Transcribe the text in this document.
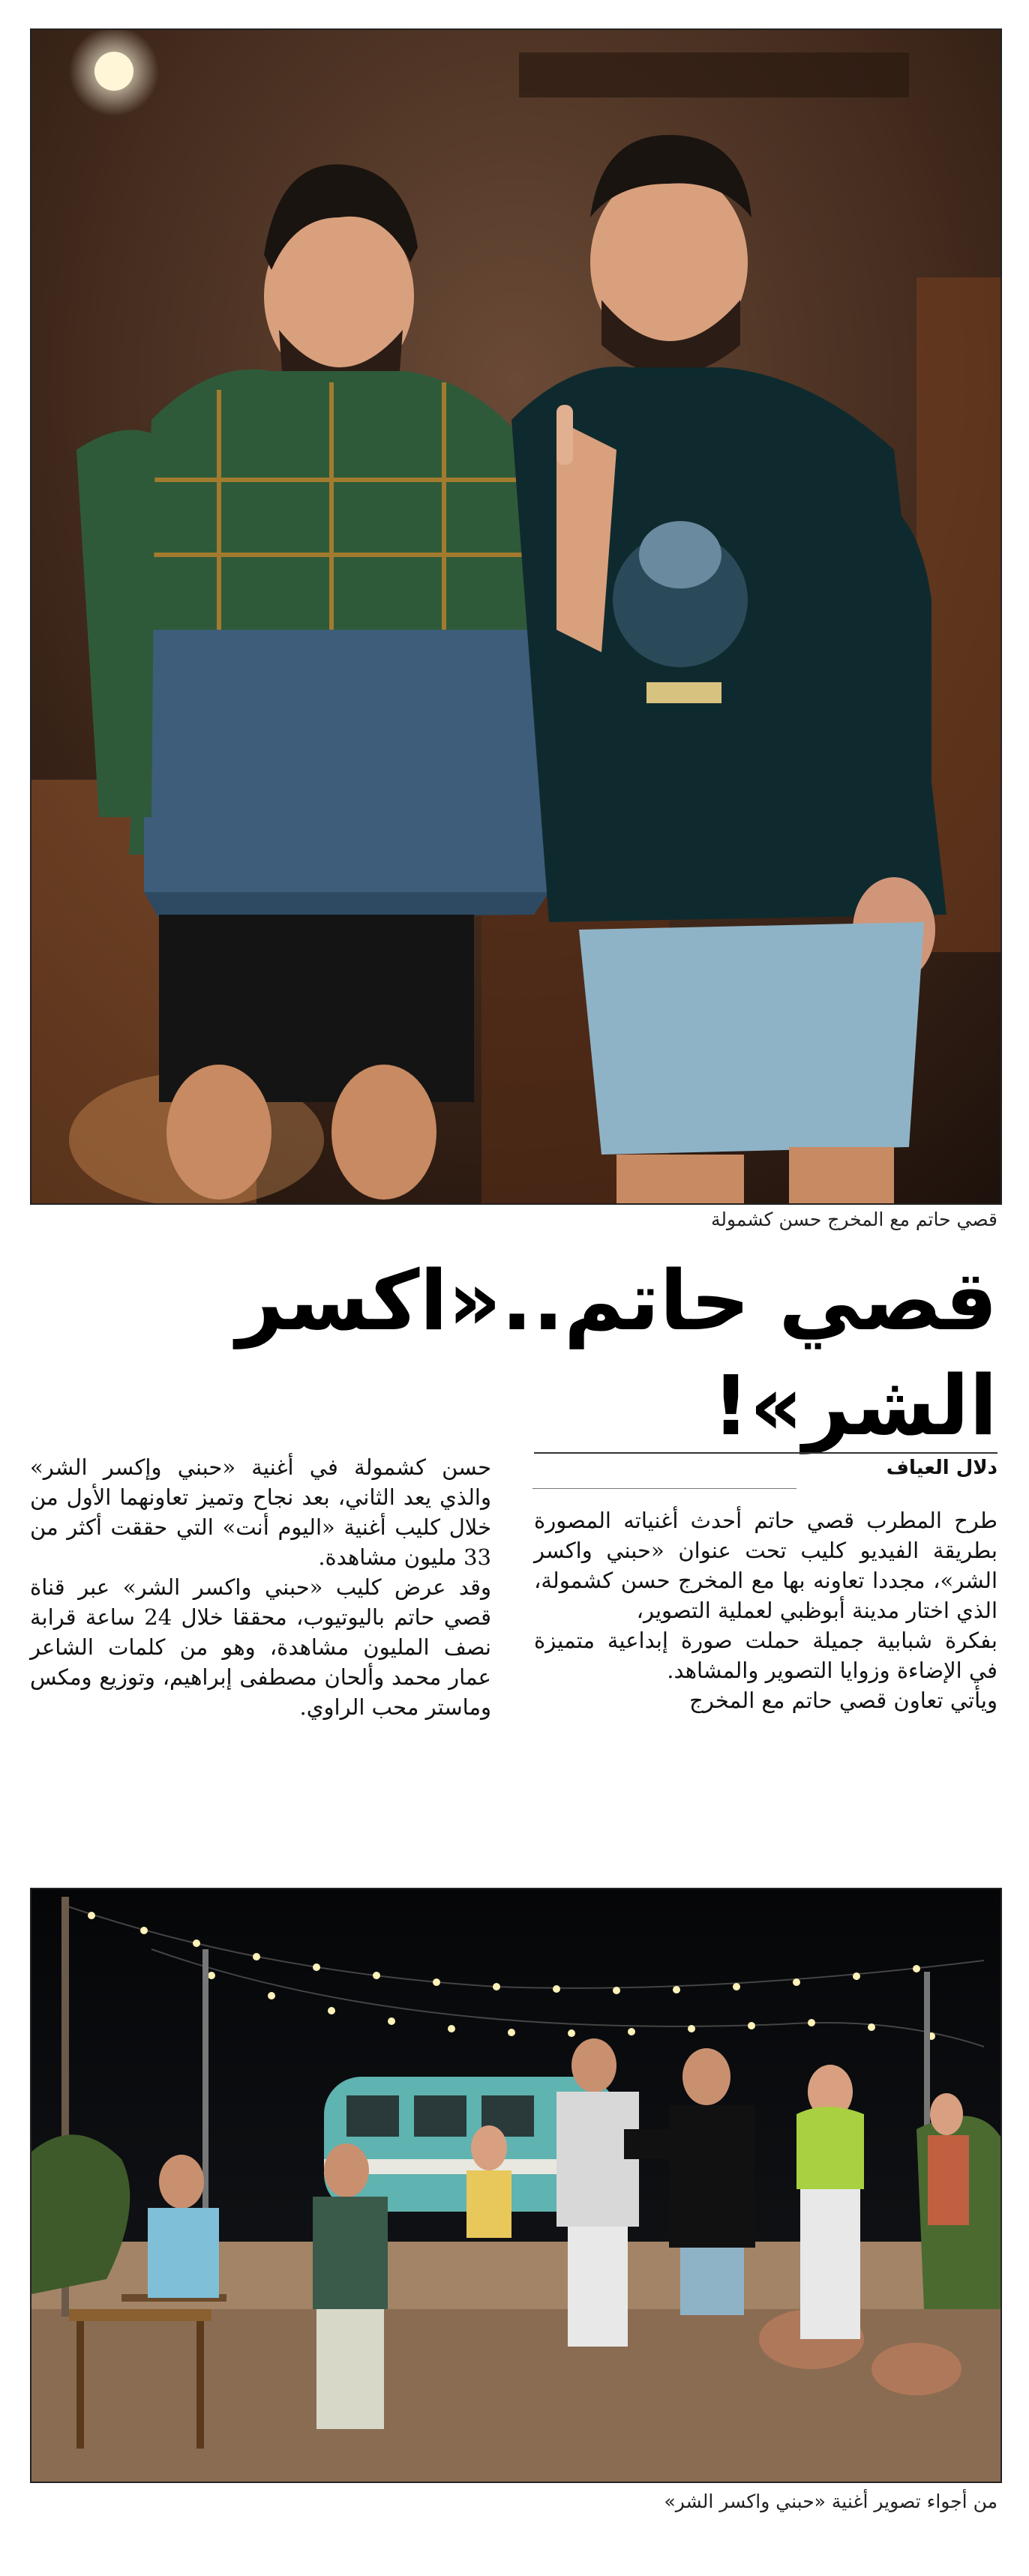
قصي حاتم مع المخرج حسن كشمولة
قصي حاتم..«اكسر الشر»!
دلال العياف

طرح المطرب قصي حاتم أحدث أغنياته المصورة بطريقة الفيديو كليب تحت عنوان «حبني واكسر الشر»، مجددا تعاونه بها مع المخرج حسن كشمولة، الذي اختار مدينة أبوظبي لعملية التصوير،

بفكرة شبابية جميلة حملت صورة إبداعية متميزة في الإضاءة وزوايا التصوير والمشاهد.

ويأتي تعاون قصي حاتم مع المخرج

حسن كشمولة في أغنية «حبني وإكسر الشر» والذي يعد الثاني، بعد نجاح وتميز تعاونهما الأول من خلال كليب أغنية «اليوم أنت» التي حققت أكثر من 33 مليون مشاهدة.

وقد عرض كليب «حبني واكسر الشر» عبر قناة قصي حاتم باليوتيوب، محققا خلال 24 ساعة قرابة نصف المليون مشاهدة، وهو من كلمات الشاعر عمار محمد وألحان مصطفى إبراهيم، وتوزيع ومكس وماستر محب الراوي.

من أجواء تصوير أغنية «حبني واكسر الشر»
